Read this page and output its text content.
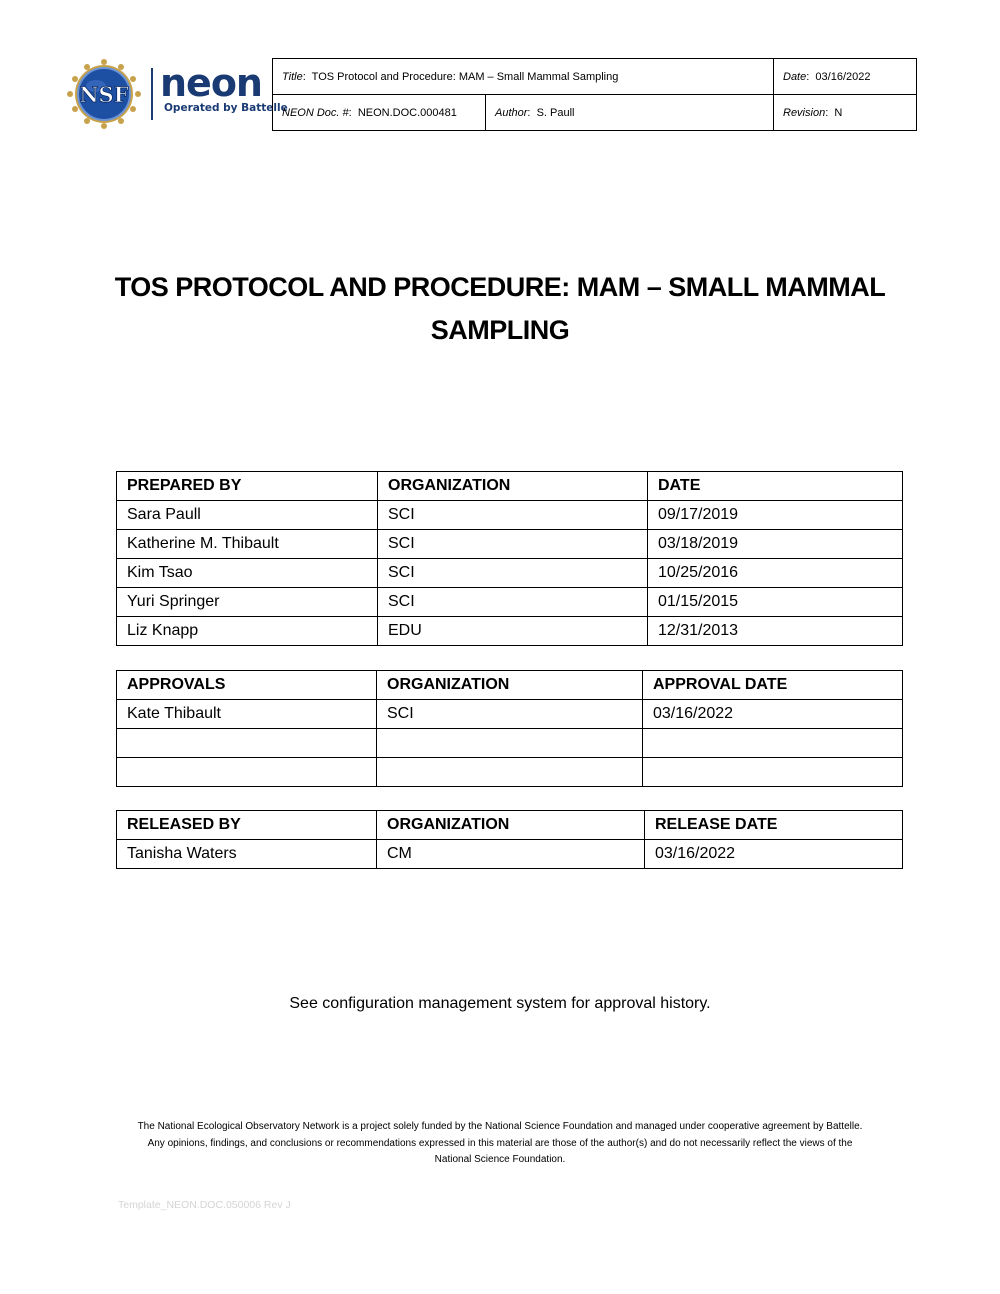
NSF neon
Operated by Battelle
Title:  TOS Protocol and Procedure: MAM – Small Mammal Sampling		Date:  03/16/2022
NEON Doc. #:  NEON.DOC.000481	Author:  S. Paull	Revision:  N
TOS PROTOCOL AND PROCEDURE: MAM – SMALL MAMMAL
SAMPLING
PREPARED BY	ORGANIZATION	DATE
Sara Paull	SCI	09/17/2019
Katherine M. Thibault	SCI	03/18/2019
Kim Tsao	SCI	10/25/2016
Yuri Springer	SCI	01/15/2015
Liz Knapp	EDU	12/31/2013
APPROVALS	ORGANIZATION	APPROVAL DATE
Kate Thibault	SCI	03/16/2022

RELEASED BY	ORGANIZATION	RELEASE DATE
Tanisha Waters	CM	03/16/2022
See configuration management system for approval history.
The National Ecological Observatory Network is a project solely funded by the National Science Foundation and managed under cooperative agreement by Battelle.
Any opinions, findings, and conclusions or recommendations expressed in this material are those of the author(s) and do not necessarily reflect the views of the
National Science Foundation.
Template_NEON.DOC.050006 Rev J
